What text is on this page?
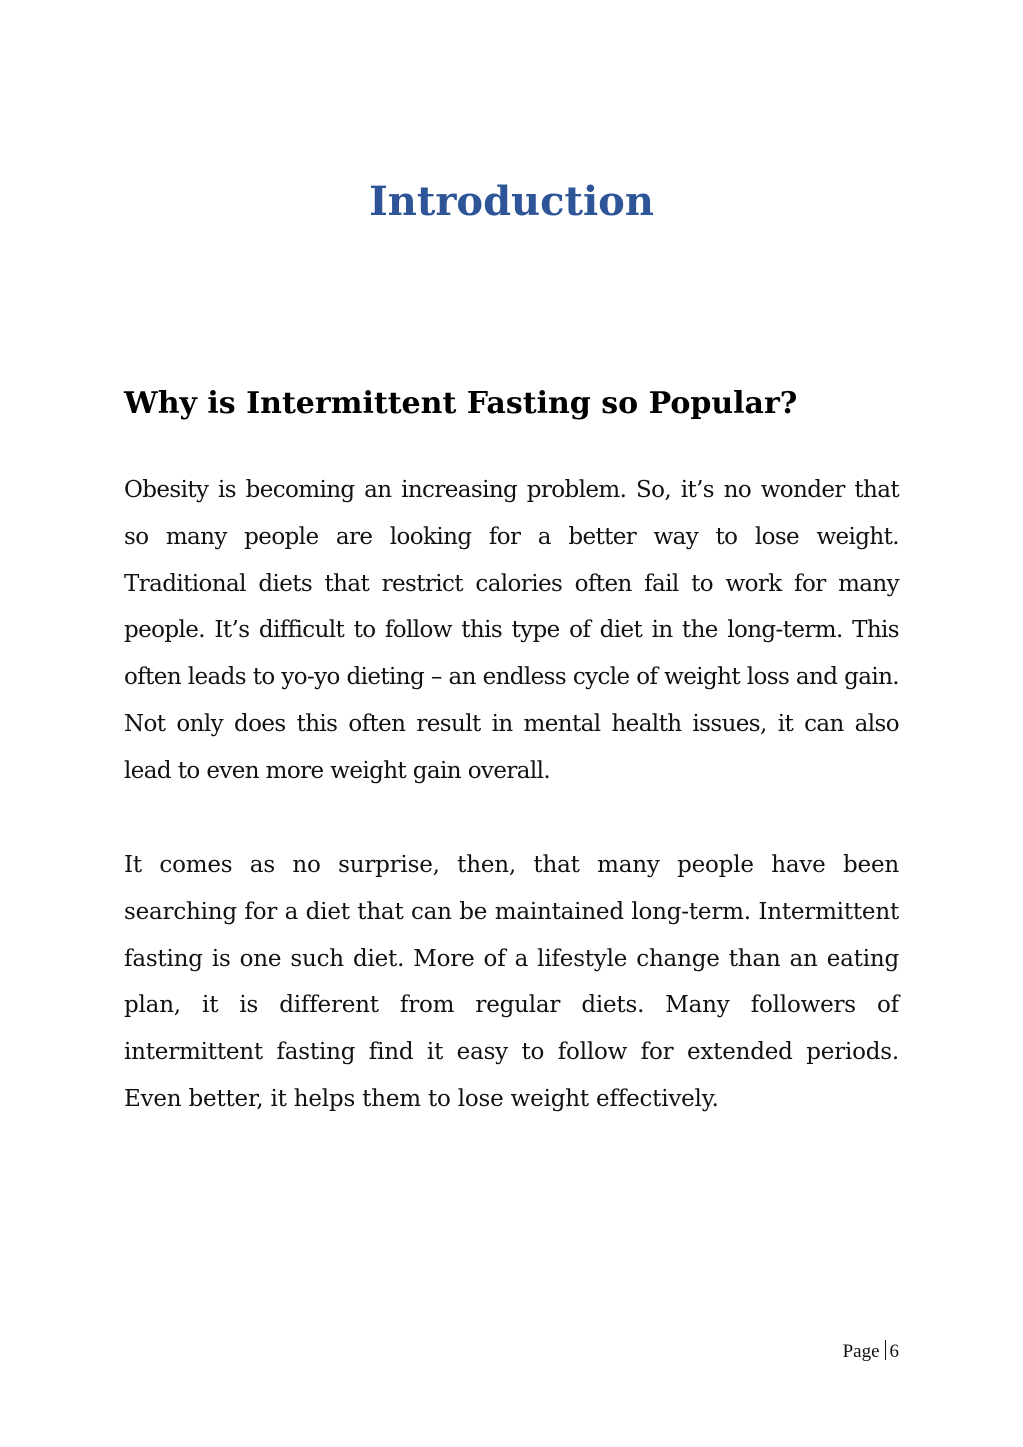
Introduction
Why is Intermittent Fasting so Popular?

Obesity is becoming an increasing problem. So, it’s no wonder that so many people are looking for a better way to lose weight. Traditional diets that restrict calories often fail to work for many people. It’s difficult to follow this type of diet in the long-term. This often leads to yo-yo dieting – an endless cycle of weight loss and gain. Not only does this often result in mental health issues, it can also lead to even more weight gain overall.

It comes as no surprise, then, that many people have been searching for a diet that can be maintained long-term. Intermittent fasting is one such diet. More of a lifestyle change than an eating plan, it is different from regular diets. Many followers of intermittent fasting find it easy to follow for extended periods. Even better, it helps them to lose weight effectively.

Page 6
